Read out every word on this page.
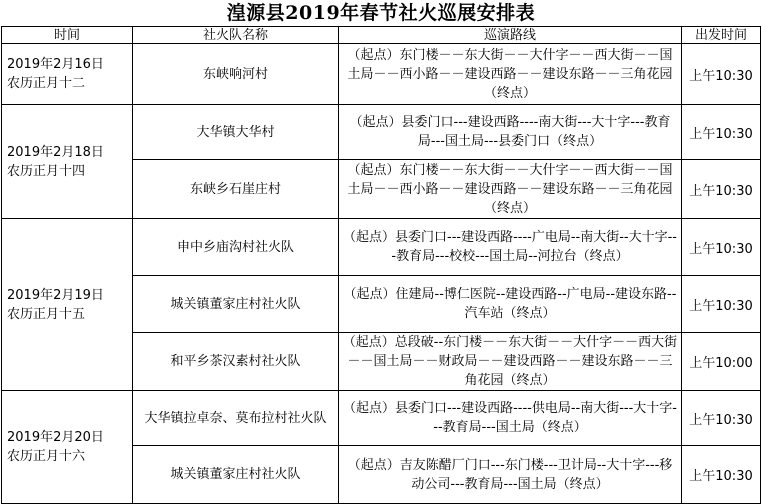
湟源县2019年春节社火巡展安排表
时间	社火队名称	巡演路线	出发时间
2019年2月16日　农历正月十二	东峡响河村	（起点）东门楼－－东大街－－大什字－－西大街－－国土局－－西小路－－建设西路－－建设东路－－三角花园（终点）	上午10:30
2019年2月18日　农历正月十四	大华镇大华村	（起点）县委门口---建设西路----南大街---大十字---教育局---国土局---县委门口（终点）	上午10:30
	东峡乡石崖庄村	（起点）东门楼－－东大街－－大什字－－西大街－－国土局－－西小路－－建设西路－－建设东路－－三角花园（终点）	上午10:30
2019年2月19日　农历正月十五	申中乡庙沟村社火队	（起点）县委门口---建设西路----广电局--南大街--大十字---教育局---校校---国土局--河拉台（终点）	上午10:30
	城关镇董家庄村社火队	（起点）住建局--博仁医院--建设西路--广电局--建设东路--汽车站（终点）	上午10:30
	和平乡茶汉素村社火队	（起点）总段破--东门楼－－东大街－－大什字－－西大街－－国土局－－财政局－－建设西路－－建设东路－－三角花园（终点）	上午10:00
2019年2月20日　农历正月十六	大华镇拉卓奈、莫布拉村社火队	（起点）县委门口---建设西路----供电局--南大街---大十字---教育局---国土局（终点）	上午10:30
	城关镇董家庄村社火队	（起点）吉友陈醋厂门口---东门楼---卫计局--大十字---移动公司---教育局---国土局（终点）	上午10:30
